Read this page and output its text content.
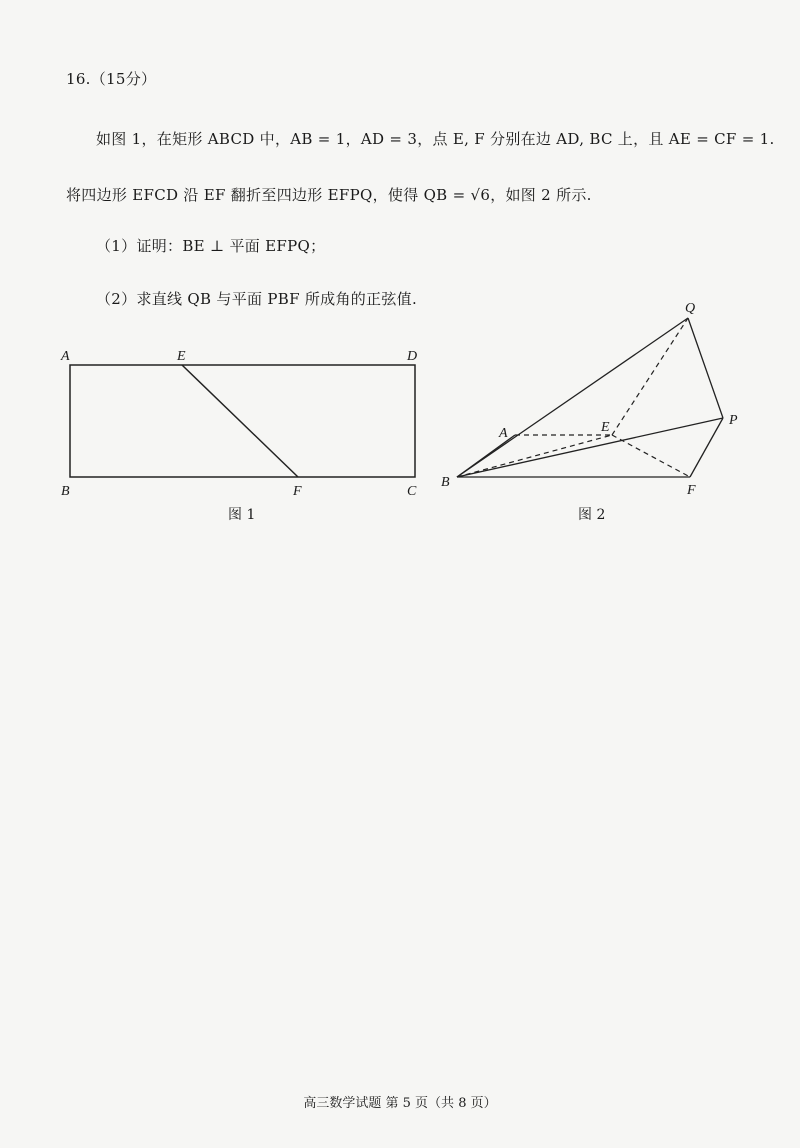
16.（15分）
如图 1，在矩形 ABCD 中，AB = 1，AD = 3，点 E, F 分别在边 AD, BC 上，且 AE = CF = 1.
将四边形 EFCD 沿 EF 翻折至四边形 EFPQ，使得 QB = √6，如图 2 所示.
（1）证明：BE ⊥ 平面 EFPQ；
（2）求直线 QB 与平面 PBF 所成角的正弦值.
A	E	D
B	F	C
图 1
Q
A	E	P
B
F
图 2
高三数学试题 第 5 页（共 8 页）
